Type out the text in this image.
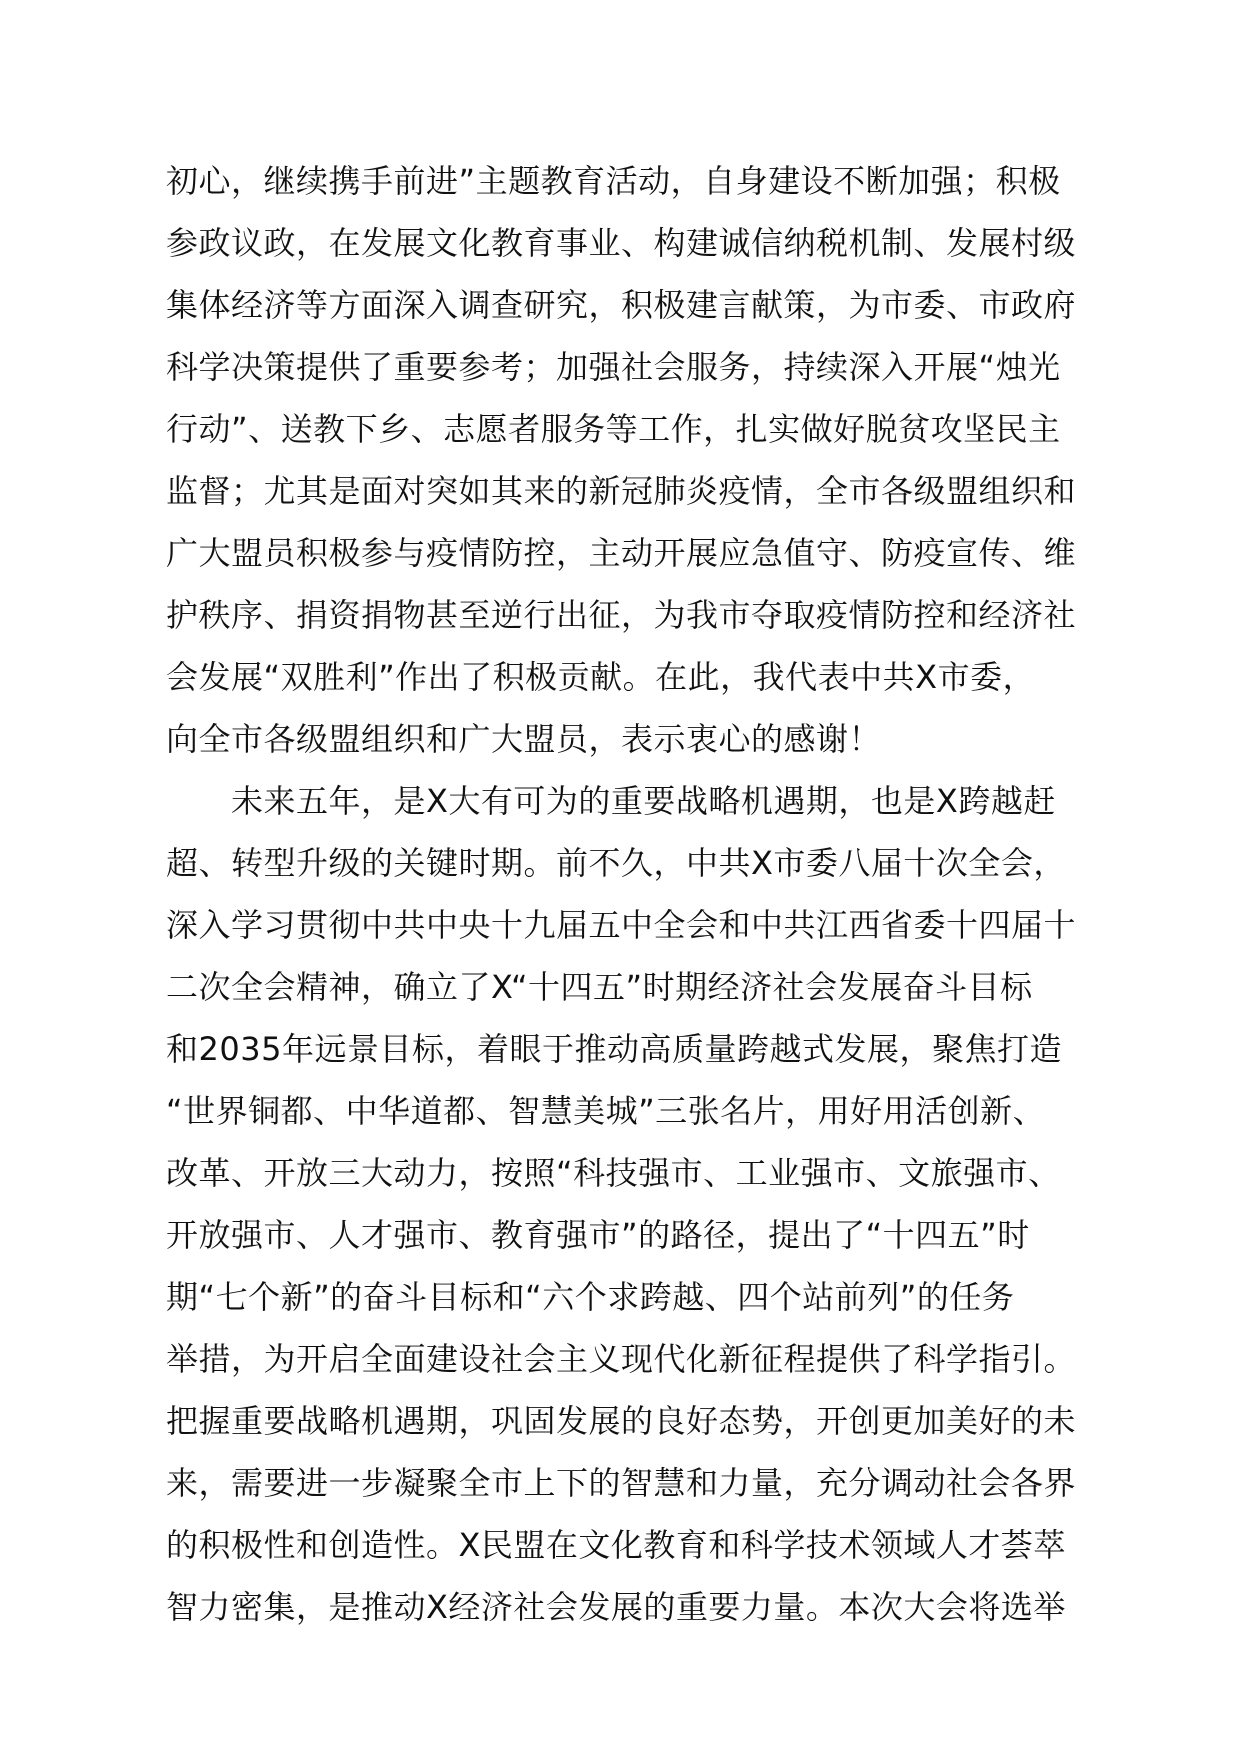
初心，继续携手前进”主题教育活动，自身建设不断加强；积极
参政议政，在发展文化教育事业、构建诚信纳税机制、发展村级
集体经济等方面深入调查研究，积极建言献策，为市委、市政府
科学决策提供了重要参考；加强社会服务，持续深入开展“烛光
行动”、送教下乡、志愿者服务等工作，扎实做好脱贫攻坚民主
监督；尤其是面对突如其来的新冠肺炎疫情，全市各级盟组织和
广大盟员积极参与疫情防控，主动开展应急值守、防疫宣传、维
护秩序、捐资捐物甚至逆行出征，为我市夺取疫情防控和经济社
会发展“双胜利”作出了积极贡献。在此，我代表中共X市委，
向全市各级盟组织和广大盟员，表示衷心的感谢！
未来五年，是X大有可为的重要战略机遇期，也是X跨越赶
超、转型升级的关键时期。前不久，中共X市委八届十次全会，
深入学习贯彻中共中央十九届五中全会和中共江西省委十四届十
二次全会精神，确立了X“十四五”时期经济社会发展奋斗目标
和2035年远景目标，着眼于推动高质量跨越式发展，聚焦打造
“世界铜都、中华道都、智慧美城”三张名片，用好用活创新、
改革、开放三大动力，按照“科技强市、工业强市、文旅强市、
开放强市、人才强市、教育强市”的路径，提出了“十四五”时
期“七个新”的奋斗目标和“六个求跨越、四个站前列”的任务
举措，为开启全面建设社会主义现代化新征程提供了科学指引。
把握重要战略机遇期，巩固发展的良好态势，开创更加美好的未
来，需要进一步凝聚全市上下的智慧和力量，充分调动社会各界
的积极性和创造性。X民盟在文化教育和科学技术领域人才荟萃
智力密集，是推动X经济社会发展的重要力量。本次大会将选举
